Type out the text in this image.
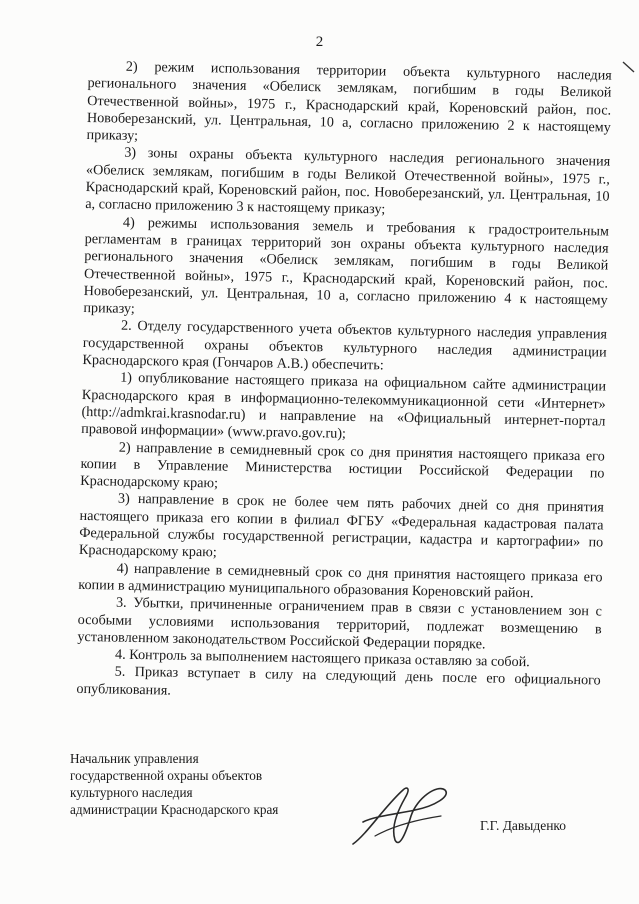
2

2) режим использования территории объекта культурного наследия регионального значения «Обелиск землякам, погибшим в годы Великой Отечественной войны», 1975 г., Краснодарский край, Кореновский район, пос. Новоберезанский, ул. Центральная, 10 а, согласно приложению 2 к настоящему приказу;

3) зоны охраны объекта культурного наследия регионального значения «Обелиск землякам, погибшим в годы Великой Отечественной войны», 1975 г., Краснодарский край, Кореновский район, пос. Новоберезанский, ул. Центральная, 10 а, согласно приложению 3 к настоящему приказу;

4) режимы использования земель и требования к градостроительным регламентам в границах территорий зон охраны объекта культурного наследия регионального значения «Обелиск землякам, погибшим в годы Великой Отечественной войны», 1975 г., Краснодарский край, Кореновский район, пос. Новоберезанский, ул. Центральная, 10 а, согласно приложению 4 к настоящему приказу;

2. Отделу государственного учета объектов культурного наследия управления государственной охраны объектов культурного наследия администрации Краснодарского края (Гончаров А.В.) обеспечить:

1) опубликование настоящего приказа на официальном сайте администрации Краснодарского края в информационно-телекоммуникационной сети «Интернет» (http://admkrai.krasnodar.ru) и направление на «Официальный интернет-портал правовой информации» (www.pravo.gov.ru);

2) направление в семидневный срок со дня принятия настоящего приказа его копии в Управление Министерства юстиции Российской Федерации по Краснодарскому краю;

3) направление в срок не более чем пять рабочих дней со дня принятия настоящего приказа его копии в филиал ФГБУ «Федеральная кадастровая палата Федеральной службы государственной регистрации, кадастра и картографии» по Краснодарскому краю;

4) направление в семидневный срок со дня принятия настоящего приказа его копии в администрацию муниципального образования Кореновский район.

3. Убытки, причиненные ограничением прав в связи с установлением зон с особыми условиями использования территорий, подлежат возмещению в установленном законодательством Российской Федерации порядке.

4. Контроль за выполнением настоящего приказа оставляю за собой.

5. Приказ вступает в силу на следующий день после его официального опубликования.

Начальник управления
государственной охраны объектов
культурного наследия
администрации Краснодарского края
Г.Г. Давыденко
